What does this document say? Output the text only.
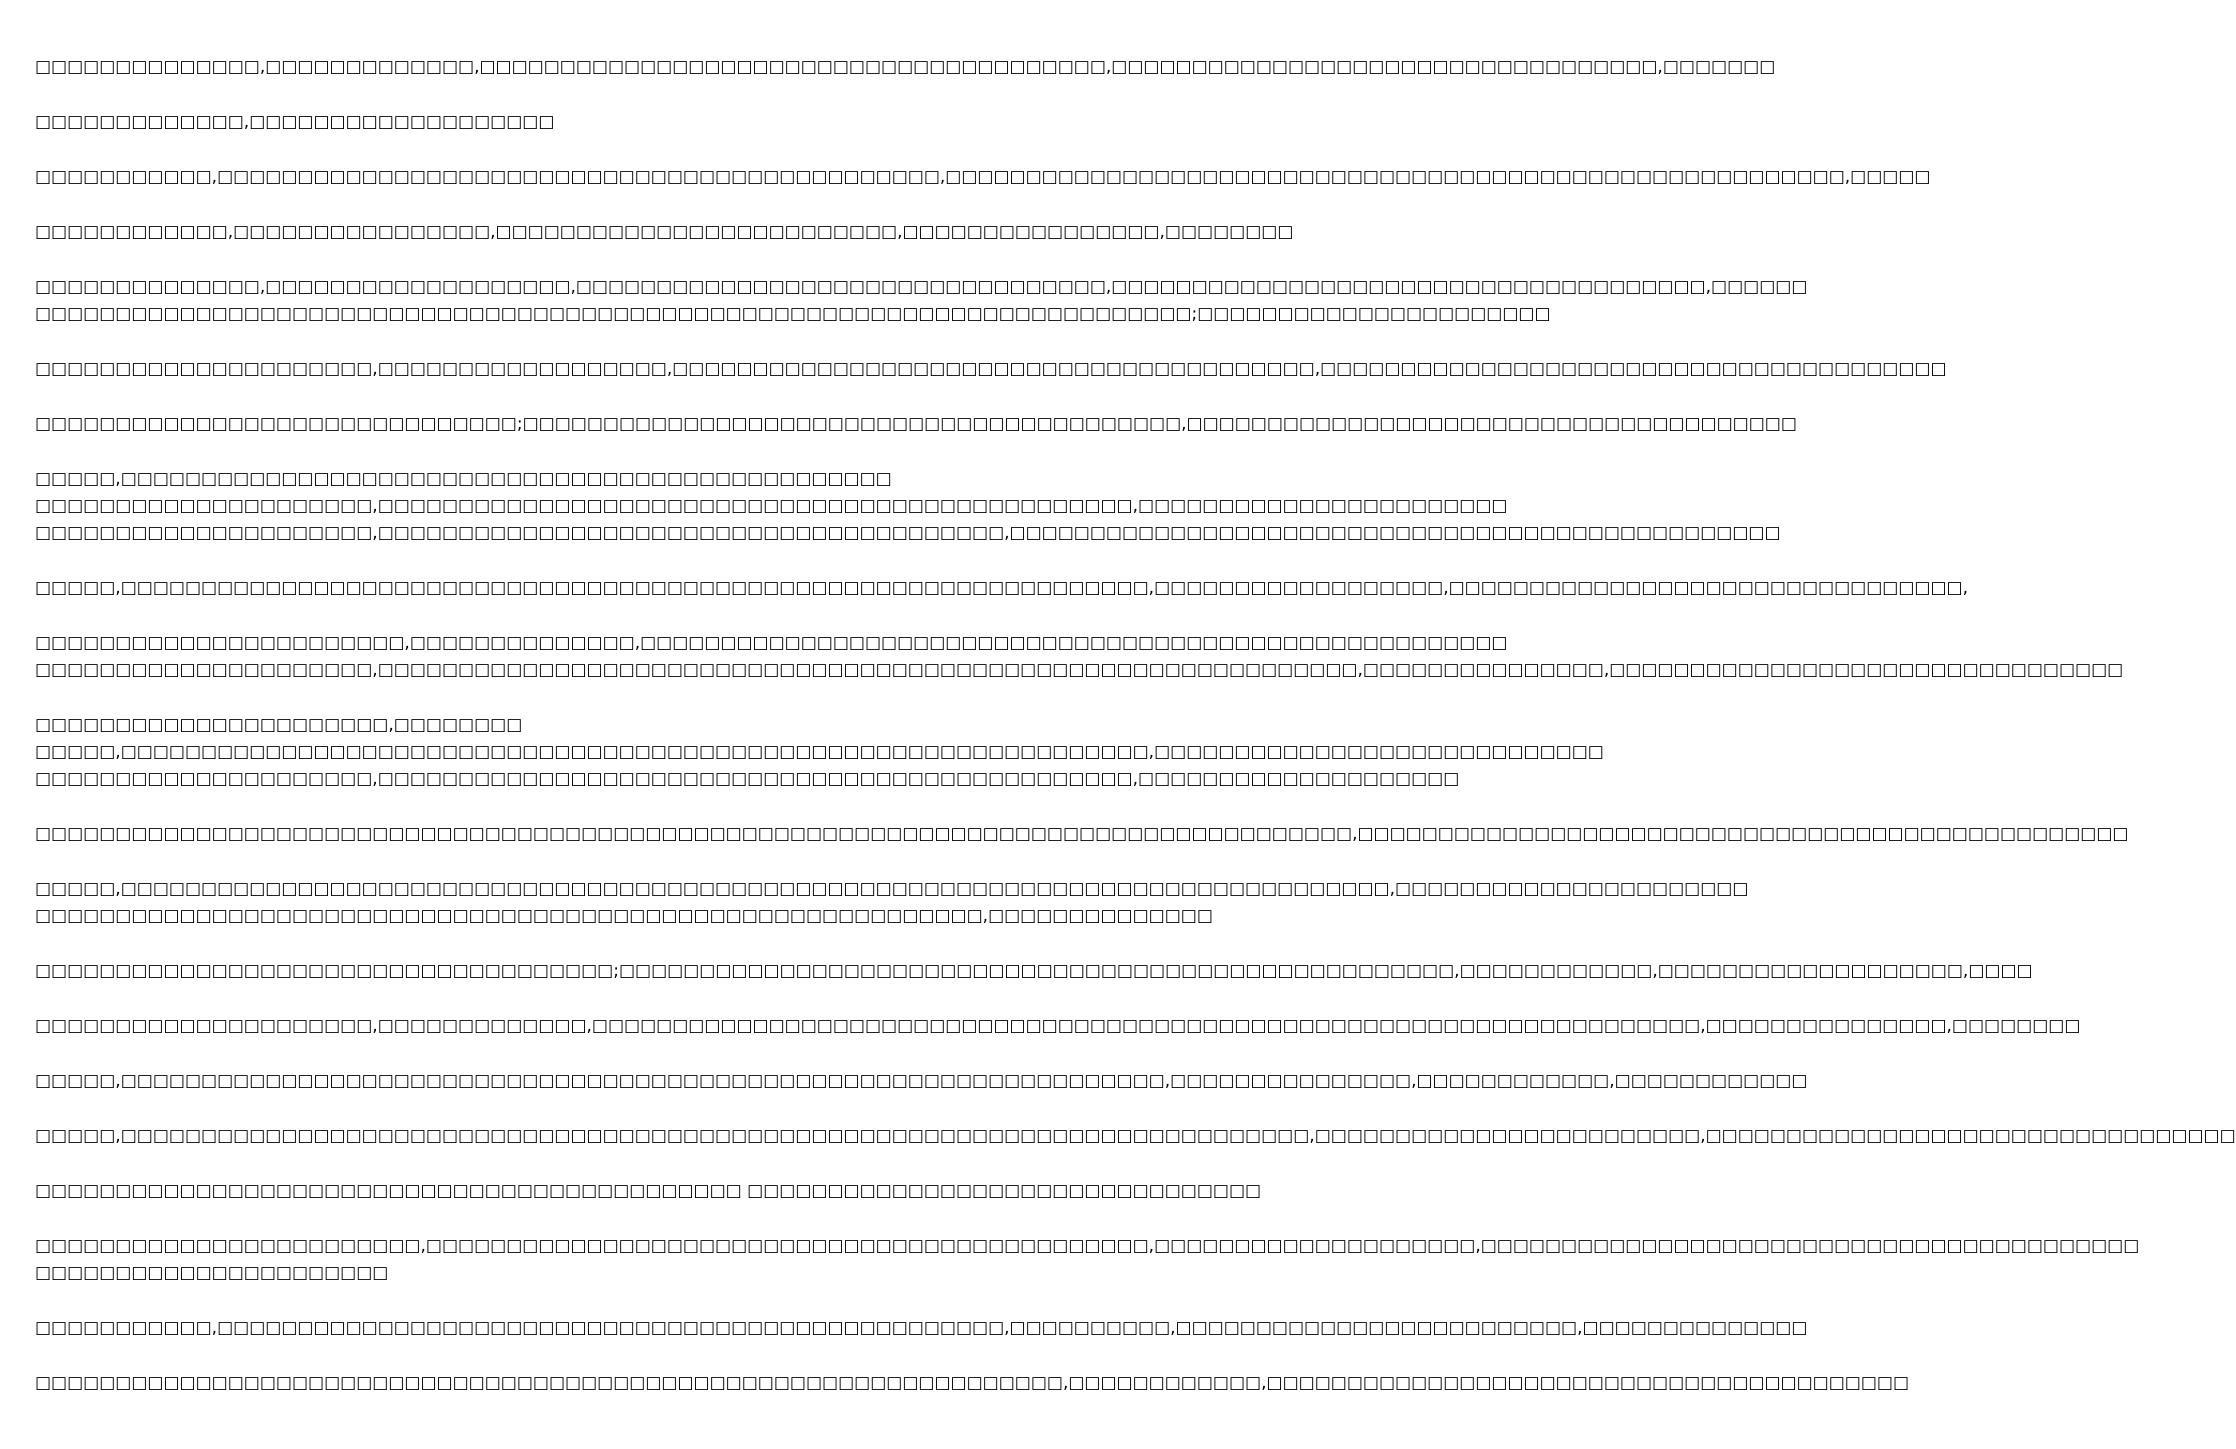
□□□□□□□□□□□□□□,□□□□□□□□□□□□□,□□□□□□□□□□□□□□□□□□□□□□□□□□□□□□□□□□□□□□□,□□□□□□□□□□□□□□□□□□□□□□□□□□□□□□□□□□,□□□□□□□
□□□□□□□□□□□□□,□□□□□□□□□□□□□□□□□□□
□□□□□□□□□□□,□□□□□□□□□□□□□□□□□□□□□□□□□□□□□□□□□□□□□□□□□□□□□,□□□□□□□□□□□□□□□□□□□□□□□□□□□□□□□□□□□□□□□□□□□□□□□□□□□□□□□□,□□□□□
□□□□□□□□□□□□,□□□□□□□□□□□□□□□□,□□□□□□□□□□□□□□□□□□□□□□□□□,□□□□□□□□□□□□□□□□,□□□□□□□□
□□□□□□□□□□□□□□,□□□□□□□□□□□□□□□□□□□,□□□□□□□□□□□□□□□□□□□□□□□□□□□□□□□□□,□□□□□□□□□□□□□□□□□□□□□□□□□□□□□□□□□□□□□,□□□□□□
□□□□□□□□□□□□□□□□□□□□□□□□□□□□□□□□□□□□□□□□□□□□□□□□□□□□□□□□□□□□□□□□□□□□□□□□;□□□□□□□□□□□□□□□□□□□□□□
□□□□□□□□□□□□□□□□□□□□□,□□□□□□□□□□□□□□□□□□,□□□□□□□□□□□□□□□□□□□□□□□□□□□□□□□□□□□□□□□□,□□□□□□□□□□□□□□□□□□□□□□□□□□□□□□□□□□□□□□□
□□□□□□□□□□□□□□□□□□□□□□□□□□□□□□;□□□□□□□□□□□□□□□□□□□□□□□□□□□□□□□□□□□□□□□□□,□□□□□□□□□□□□□□□□□□□□□□□□□□□□□□□□□□□□□□
□□□□□,□□□□□□□□□□□□□□□□□□□□□□□□□□□□□□□□□□□□□□□□□□□□□□□□
□□□□□□□□□□□□□□□□□□□□□,□□□□□□□□□□□□□□□□□□□□□□□□□□□□□□□□□□□□□□□□□□□□□□□,□□□□□□□□□□□□□□□□□□□□□□□
□□□□□□□□□□□□□□□□□□□□□,□□□□□□□□□□□□□□□□□□□□□□□□□□□□□□□□□□□□□□□,□□□□□□□□□□□□□□□□□□□□□□□□□□□□□□□□□□□□□□□□□□□□□□□□
□□□□□,□□□□□□□□□□□□□□□□□□□□□□□□□□□□□□□□□□□□□□□□□□□□□□□□□□□□□□□□□□□□□□□□,□□□□□□□□□□□□□□□□□□,□□□□□□□□□□□□□□□□□□□□□□□□□□□□□□□□,
□□□□□□□□□□□□□□□□□□□□□□□,□□□□□□□□□□□□□□,□□□□□□□□□□□□□□□□□□□□□□□□□□□□□□□□□□□□□□□□□□□□□□□□□□□□□□
□□□□□□□□□□□□□□□□□□□□□,□□□□□□□□□□□□□□□□□□□□□□□□□□□□□□□□□□□□□□□□□□□□□□□□□□□□□□□□□□□□□,□□□□□□□□□□□□□□□,□□□□□□□□□□□□□□□□□□□□□□□□□□□□□□□□
□□□□□□□□□□□□□□□□□□□□□□,□□□□□□□□
□□□□□,□□□□□□□□□□□□□□□□□□□□□□□□□□□□□□□□□□□□□□□□□□□□□□□□□□□□□□□□□□□□□□□□,□□□□□□□□□□□□□□□□□□□□□□□□□□□□
□□□□□□□□□□□□□□□□□□□□□,□□□□□□□□□□□□□□□□□□□□□□□□□□□□□□□□□□□□□□□□□□□□□□□,□□□□□□□□□□□□□□□□□□□□
□□□□□□□□□□□□□□□□□□□□□□□□□□□□□□□□□□□□□□□□□□□□□□□□□□□□□□□□□□□□□□□□□□□□□□□□□□□□□□□□□□,□□□□□□□□□□□□□□□□□□□□□□□□□□□□□□□□□□□□□□□□□□□□□□□□
□□□□□,□□□□□□□□□□□□□□□□□□□□□□□□□□□□□□□□□□□□□□□□□□□□□□□□□□□□□□□□□□□□□□□□□□□□□□□□□□□□□□□,□□□□□□□□□□□□□□□□□□□□□□
□□□□□□□□□□□□□□□□□□□□□□□□□□□□□□□□□□□□□□□□□□□□□□□□□□□□□□□□□□□,□□□□□□□□□□□□□□
□□□□□□□□□□□□□□□□□□□□□□□□□□□□□□□□□□□□;□□□□□□□□□□□□□□□□□□□□□□□□□□□□□□□□□□□□□□□□□□□□□□□□□□□□,□□□□□□□□□□□□,□□□□□□□□□□□□□□□□□□□,□□□□
□□□□□□□□□□□□□□□□□□□□□,□□□□□□□□□□□□□,□□□□□□□□□□□□□□□□□□□□□□□□□□□□□□□□□□□□□□□□□□□□□□□□□□□□□□□□□□□□□□□□□□□□□,□□□□□□□□□□□□□□□,□□□□□□□□
□□□□□,□□□□□□□□□□□□□□□□□□□□□□□□□□□□□□□□□□□□□□□□□□□□□□□□□□□□□□□□□□□□□□□□□,□□□□□□□□□□□□□□□,□□□□□□□□□□□□,□□□□□□□□□□□□
□□□□□,□□□□□□□□□□□□□□□□□□□□□□□□□□□□□□□□□□□□□□□□□□□□□□□□□□□□□□□□□□□□□□□□□□□□□□□□□□,□□□□□□□□□□□□□□□□□□□□□□□□,□□□□□□□□□□□□□□□□□□□□□□□□□□□□□□□□□
□□□□□□□□□□□□□□□□□□□□□□□□□□□□□□□□□□□□□□□□□□□□ □□□□□□□□□□□□□□□□□□□□□□□□□□□□□□□□
□□□□□□□□□□□□□□□□□□□□□□□□,□□□□□□□□□□□□□□□□□□□□□□□□□□□□□□□□□□□□□□□□□□□□□,□□□□□□□□□□□□□□□□□□□□,□□□□□□□□□□□□□□□□□□□□□□□□□□□□□□□□□□□□□□□□□
□□□□□□□□□□□□□□□□□□□□□□
□□□□□□□□□□□,□□□□□□□□□□□□□□□□□□□□□□□□□□□□□□□□□□□□□□□□□□□□□□□□□,□□□□□□□□□□,□□□□□□□□□□□□□□□□□□□□□□□□□,□□□□□□□□□□□□□□
□□□□□□□□□□□□□□□□□□□□□□□□□□□□□□□□□□□□□□□□□□□□□□□□□□□□□□□□□□□□□□□□,□□□□□□□□□□□□,□□□□□□□□□□□□□□□□□□□□□□□□□□□□□□□□□□□□□□□□
